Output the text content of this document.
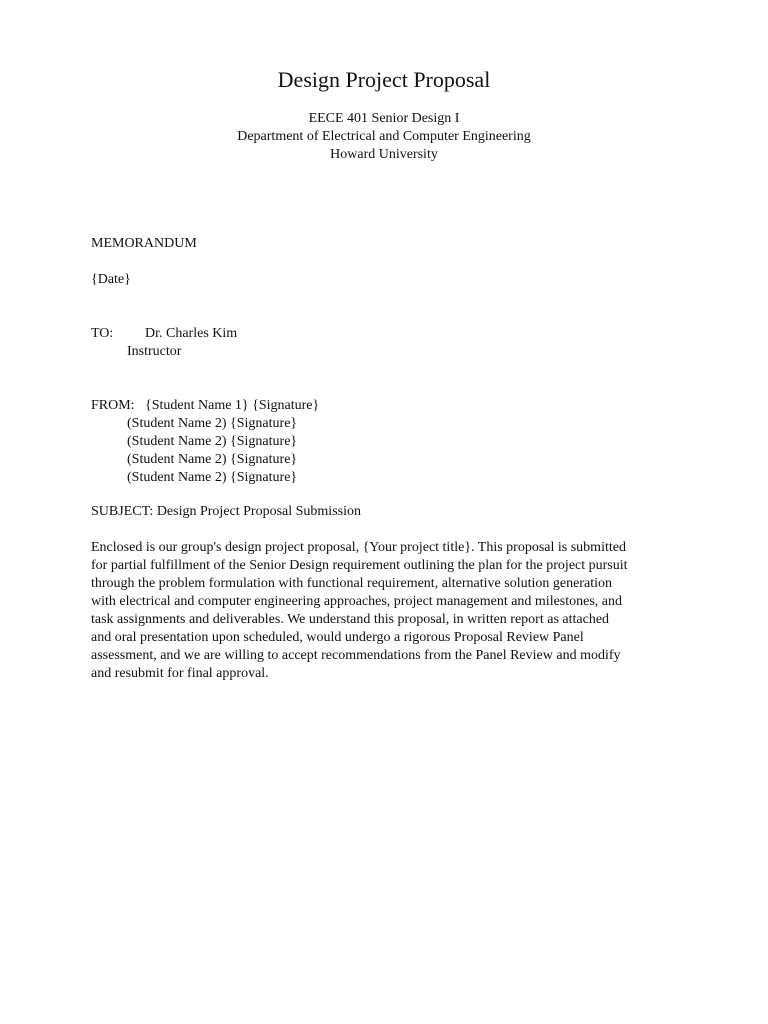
Design Project Proposal
EECE 401 Senior Design I
Department of Electrical and Computer Engineering
Howard University
MEMORANDUM
{Date}
TO: Dr. Charles Kim
Instructor
FROM: {Student Name 1} {Signature}
(Student Name 2) {Signature}
(Student Name 2) {Signature}
(Student Name 2) {Signature}
(Student Name 2) {Signature}
SUBJECT: Design Project Proposal Submission
Enclosed is our group's design project proposal, {Your project title}. This proposal is submitted
for partial fulfillment of the Senior Design requirement outlining the plan for the project pursuit
through the problem formulation with functional requirement, alternative solution generation
with electrical and computer engineering approaches, project management and milestones, and
task assignments and deliverables. We understand this proposal, in written report as attached
and oral presentation upon scheduled, would undergo a rigorous Proposal Review Panel
assessment, and we are willing to accept recommendations from the Panel Review and modify
and resubmit for final approval.
